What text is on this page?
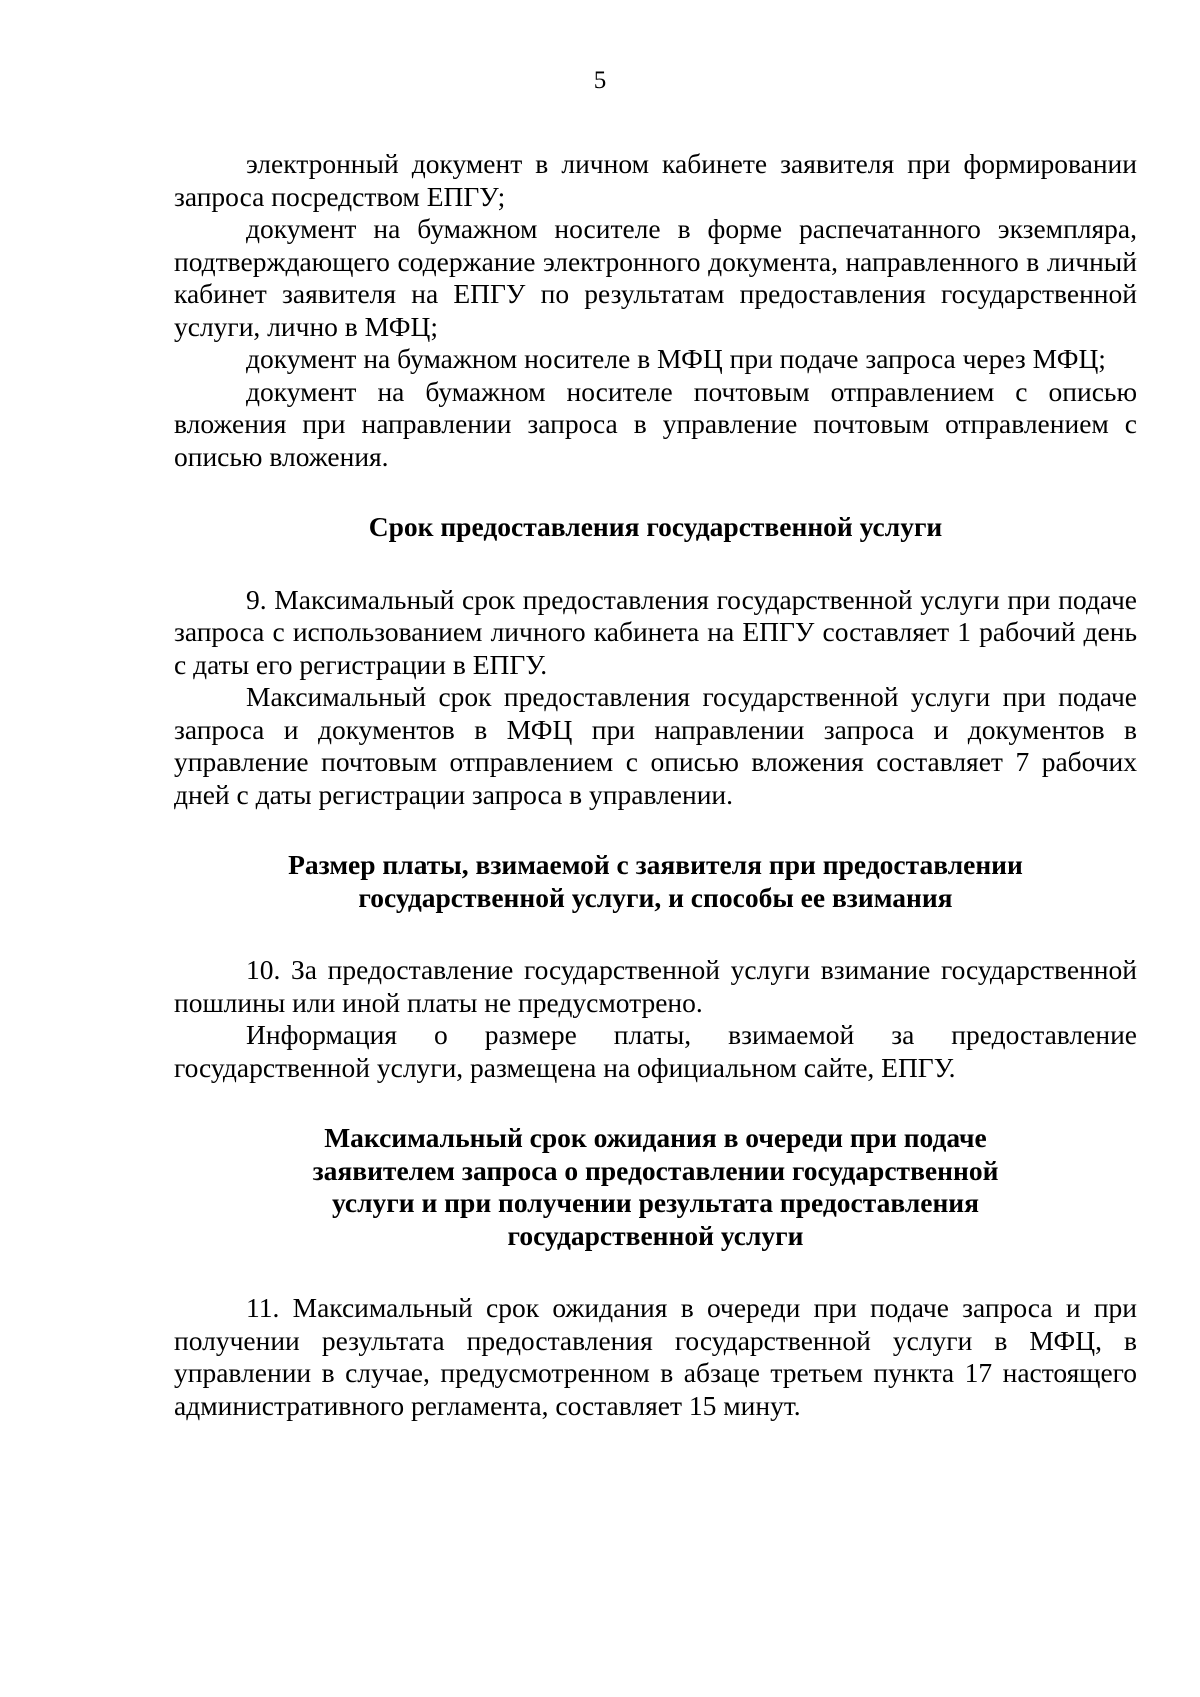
5

электронный документ в личном кабинете заявителя при формировании запроса посредством ЕПГУ;

документ на бумажном носителе в форме распечатанного экземпляра, подтверждающего содержание электронного документа, направленного в личный кабинет заявителя на ЕПГУ по результатам предоставления государственной услуги, лично в МФЦ;

документ на бумажном носителе в МФЦ при подаче запроса через МФЦ;

документ на бумажном носителе почтовым отправлением с описью вложения при направлении запроса в управление почтовым отправлением с описью вложения.

Срок предоставления государственной услуги

9. Максимальный срок предоставления государственной услуги при подаче запроса с использованием личного кабинета на ЕПГУ составляет 1 рабочий день с даты его регистрации в ЕПГУ.

Максимальный срок предоставления государственной услуги при подаче запроса и документов в МФЦ при направлении запроса и документов в управление почтовым отправлением с описью вложения составляет 7 рабочих дней с даты регистрации запроса в управлении.

Размер платы, взимаемой с заявителя при предоставлении
государственной услуги, и способы ее взимания

10. За предоставление государственной услуги взимание государственной пошлины или иной платы не предусмотрено.

Информация о размере платы, взимаемой за предоставление государственной услуги, размещена на официальном сайте, ЕПГУ.

Максимальный срок ожидания в очереди при подаче
заявителем запроса о предоставлении государственной
услуги и при получении результата предоставления
государственной услуги

11. Максимальный срок ожидания в очереди при подаче запроса и при получении результата предоставления государственной услуги в МФЦ, в управлении в случае, предусмотренном в абзаце третьем пункта 17 настоящего административного регламента, составляет 15 минут.
